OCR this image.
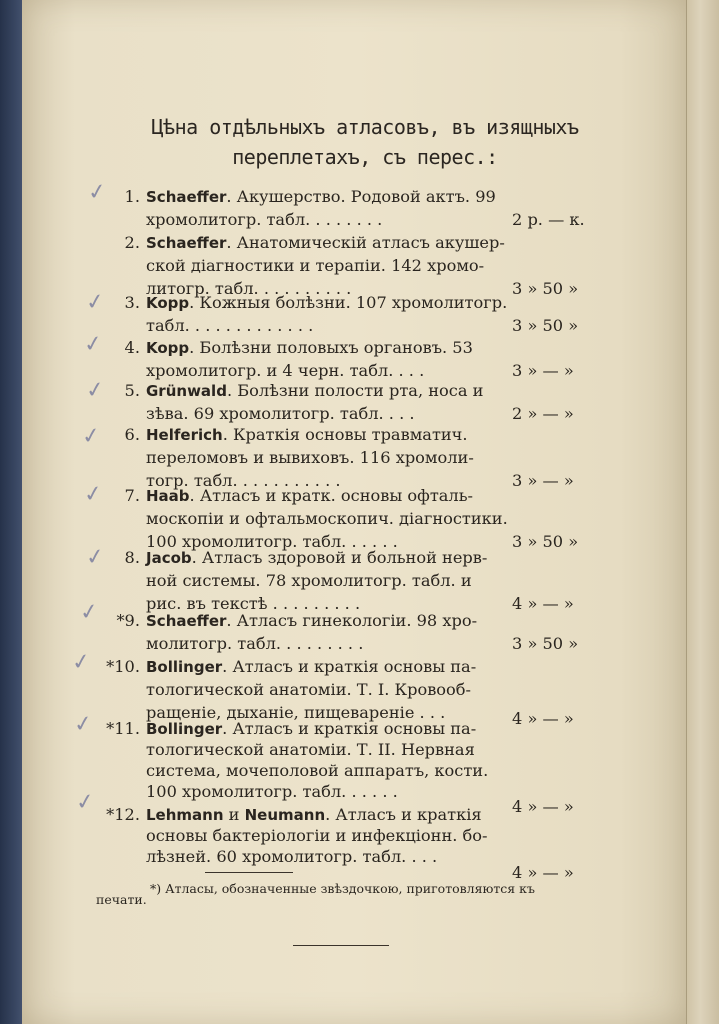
Цѣна отдѣльныхъ атласовъ, въ изящныхъ
переплетахъ, съ перес.:
1. Schaeffer. Акушерство. Родовой актъ. 99
хромолитогр. табл. . . . . . . .	2 р. — к.
2. Schaeffer. Анатомическій атласъ акушер-
ской діагностики и терапіи. 142 хромо-
литогр. табл. . . . . . . . . .	3 » 50 »
3. Kopp. Кожныя болѣзни. 107 хромолитогр.
табл. . . . . . . . . . . . .	3 » 50 »
4. Kopp. Болѣзни половыхъ органовъ. 53
хромолитогр. и 4 черн. табл. . . .	3 » — »
5. Grünwald. Болѣзни полости рта, носа и
зѣва. 69 хромолитогр. табл. . . .	2 » — »
6. Helferich. Краткія основы травматич.
переломовъ и вывиховъ. 116 хромоли-
тогр. табл. . . . . . . . . . .	3 » — »
7. Haab. Атласъ и кратк. основы офталь-
москопіи и офтальмоскопич. діагностики.
100 хромолитогр. табл. . . . . .	3 » 50 »
8. Jacob. Атласъ здоровой и больной нерв-
ной системы. 78 хромолитогр. табл. и
рис. въ текстѣ . . . . . . . . .	4 » — »
*9. Schaeffer. Атласъ гинекологіи. 98 хро-
молитогр. табл. . . . . . . . .	3 » 50 »
*10. Bollinger. Атласъ и краткія основы па-
тологической анатоміи. Т. I. Кровооб-
ращеніе, дыханіе, пищевареніе . . .	4 » — »
*11. Bollinger. Атласъ и краткія основы па-
тологической анатоміи. Т. II. Нервная
система, мочеполовой аппаратъ, кости.
100 хромолитогр. табл. . . . . .
4 » — »
*12. Lehmann и Neumann. Атласъ и краткія
основы бактеріологіи и инфекціонн. бо-
лѣзней. 60 хромолитогр. табл. . . .
4 » — »
*) Атласы, обозначенные звѣздочкою, приготовляются къ
печати.
✓
✓
✓
✓
✓
✓
✓
✓
✓
✓
✓
